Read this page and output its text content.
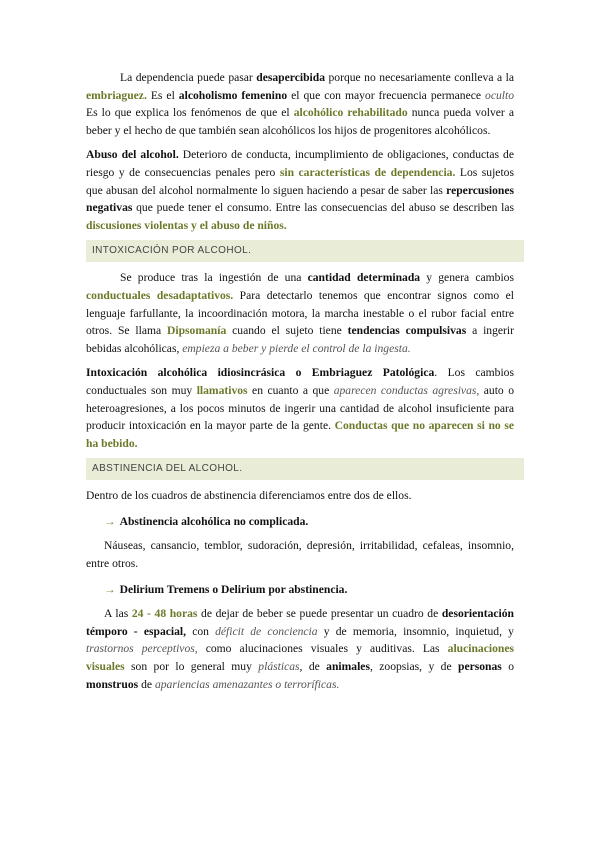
La dependencia puede pasar desapercibida porque no necesariamente conlleva a la embriaguez. Es el alcoholismo femenino el que con mayor frecuencia permanece oculto Es lo que explica los fenómenos de que el alcohólico rehabilitado nunca pueda volver a beber y el hecho de que también sean alcohólicos los hijos de progenitores alcohólicos.

Abuso del alcohol. Deterioro de conducta, incumplimiento de obligaciones, conductas de riesgo y de consecuencias penales pero sin características de dependencia. Los sujetos que abusan del alcohol normalmente lo siguen haciendo a pesar de saber las repercusiones negativas que puede tener el consumo. Entre las consecuencias del abuso se describen las discusiones violentas y el abuso de niños.

INTOXICACIÓN POR ALCOHOL.

Se produce tras la ingestión de una cantidad determinada y genera cambios conductuales desadaptativos. Para detectarlo tenemos que encontrar signos como el lenguaje farfullante, la incoordinación motora, la marcha inestable o el rubor facial entre otros. Se llama Dipsomanía cuando el sujeto tiene tendencias compulsivas a ingerir bebidas alcohólicas, empieza a beber y pierde el control de la ingesta.

Intoxicación alcohólica idiosincrásica o Embriaguez Patológica. Los cambios conductuales son muy llamativos en cuanto a que aparecen conductas agresivas, auto o heteroagresiones, a los pocos minutos de ingerir una cantidad de alcohol insuficiente para producir intoxicación en la mayor parte de la gente. Conductas que no aparecen si no se ha bebido.

ABSTINENCIA DEL ALCOHOL.

Dentro de los cuadros de abstinencia diferenciamos entre dos de ellos.

→ Abstinencia alcohólica no complicada.

Náuseas, cansancio, temblor, sudoración, depresión, irritabilidad, cefaleas, insomnio, entre otros.

→ Delirium Tremens o Delirium por abstinencia.

A las 24 - 48 horas de dejar de beber se puede presentar un cuadro de desorientación témporo - espacial, con déficit de conciencia y de memoria, insomnio, inquietud, y trastornos perceptivos, como alucinaciones visuales y auditivas. Las alucinaciones visuales son por lo general muy plásticas, de animales, zoopsias, y de personas o monstruos de apariencias amenazantes o terroríficas.
